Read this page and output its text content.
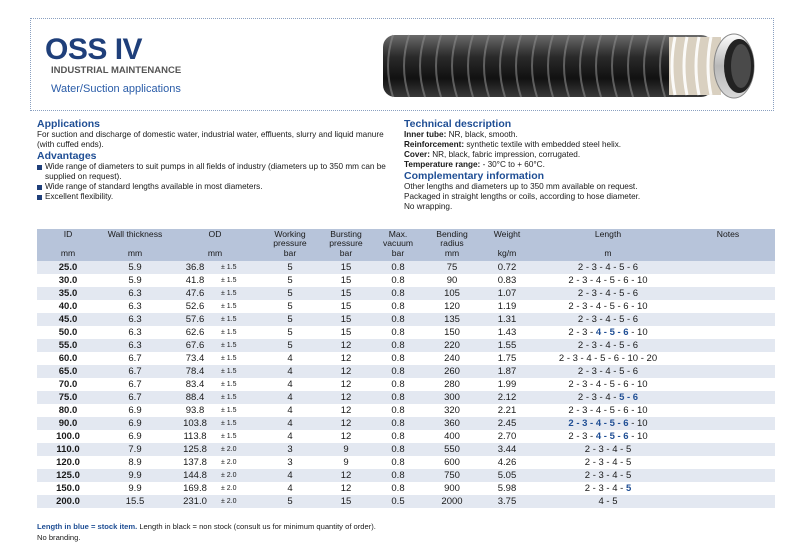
OSS IV
INDUSTRIAL MAINTENANCE
Water/Suction applications
Applications
For suction and discharge of domestic water, industrial water, effluents, slurry and liquid manure (with cuffed ends).
Advantages
Wide range of diameters to suit pumps in all fields of industry (diameters up to 350 mm can be supplied on request).
Wide range of standard lengths available in most diameters.
Excellent flexibility.
Technical description
Inner tube: NR, black, smooth.
Reinforcement: synthetic textile with embedded steel helix.
Cover: NR, black, fabric impression, corrugated.
Temperature range: - 30°C to + 60°C.
Complementary information
Other lengths and diameters up to 350 mm available on request.
Packaged in straight lengths or coils, according to hose diameter.
No wrapping.
ID	Wall thickness	OD		Working pressure	Bursting pressure	Max. vacuum	Bending radius	Weight	Length	Notes
mm	mm	mm		bar	bar	bar	mm	kg/m	m	
25.0	5.9	36.8	± 1.5	5	15	0.8	75	0.72	2 - 3 - 4 - 5 - 6	
30.0	5.9	41.8	± 1.5	5	15	0.8	90	0.83	2 - 3 - 4 - 5 - 6 - 10	
35.0	6.3	47.6	± 1.5	5	15	0.8	105	1.07	2 - 3 - 4 - 5 - 6	
40.0	6.3	52.6	± 1.5	5	15	0.8	120	1.19	2 - 3 - 4 - 5 - 6 - 10	
45.0	6.3	57.6	± 1.5	5	15	0.8	135	1.31	2 - 3 - 4 - 5 - 6	
50.0	6.3	62.6	± 1.5	5	15	0.8	150	1.43	2 - 3 - 4 - 5 - 6 - 10	
55.0	6.3	67.6	± 1.5	5	12	0.8	220	1.55	2 - 3 - 4 - 5 - 6	
60.0	6.7	73.4	± 1.5	4	12	0.8	240	1.75	2 - 3 - 4 - 5 - 6 - 10 - 20	
65.0	6.7	78.4	± 1.5	4	12	0.8	260	1.87	2 - 3 - 4 - 5 - 6	
70.0	6.7	83.4	± 1.5	4	12	0.8	280	1.99	2 - 3 - 4 - 5 - 6 - 10	
75.0	6.7	88.4	± 1.5	4	12	0.8	300	2.12	2 - 3 - 4 - 5 - 6	
80.0	6.9	93.8	± 1.5	4	12	0.8	320	2.21	2 - 3 - 4 - 5 - 6 - 10	
90.0	6.9	103.8	± 1.5	4	12	0.8	360	2.45	2 - 3 - 4 - 5 - 6 - 10	
100.0	6.9	113.8	± 1.5	4	12	0.8	400	2.70	2 - 3 - 4 - 5 - 6 - 10	
110.0	7.9	125.8	± 2.0	3	9	0.8	550	3.44	2 - 3 - 4 - 5	
120.0	8.9	137.8	± 2.0	3	9	0.8	600	4.26	2 - 3 - 4 - 5	
125.0	9.9	144.8	± 2.0	4	12	0.8	750	5.05	2 - 3 - 4 - 5	
150.0	9.9	169.8	± 2.0	4	12	0.8	900	5.98	2 - 3 - 4 - 5	
200.0	15.5	231.0	± 2.0	5	15	0.5	2000	3.75	4 - 5	
Length in blue = stock item. Length in black = non stock (consult us for minimum quantity of order).
No branding.
